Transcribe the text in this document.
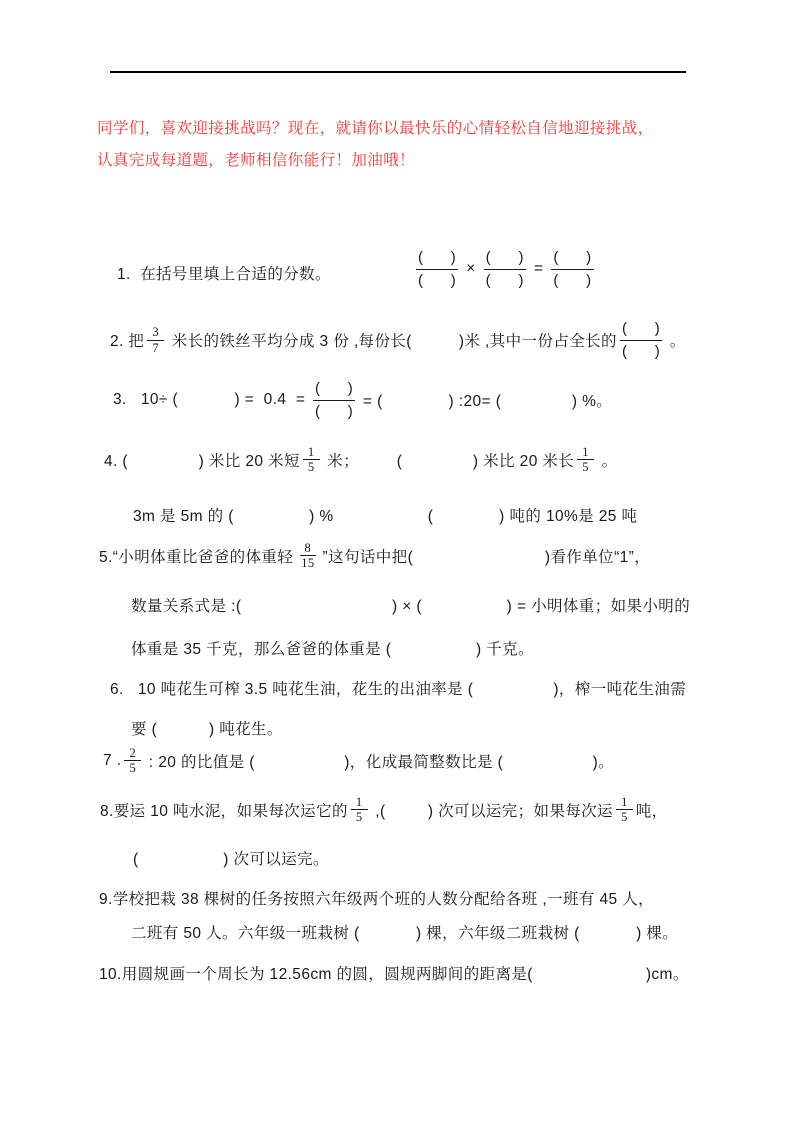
同学们，喜欢迎接挑战吗？现在，就请你以最快乐的心情轻松自信地迎接挑战，
认真完成每道题，老师相信你能行！加油哦！
1.  在括号里填上合适的分数。	$\frac{( )}{( )} \times \frac{( )}{( )} = \frac{( )}{( )}$
2. 把 $\frac{3}{7}$ 米长的铁丝平均分成 3 份 ,每份长(          )米 ,其中一份占全长的 $\frac{( )}{( )}$ 。
3.   10÷ (            ) =  $0.4 = \frac{( )}{( )}$ = (              ) :20= (               ) %。
4. (               ) 米比 20 米短 $\frac{1}{5}$ 米；        (               ) 米比 20 米长 $\frac{1}{5}$ 。
3m 是 5m 的 (                ) %                    (              ) 吨的 10%是 25 吨
5.“小明体重比爸爸的体重轻 $\frac{8}{15}$ ”这句话中把(                            )看作单位“1”，
数量关系式是 :(                                ) × (                  ) = 小明体重；如果小明的
体重是 35 千克，那么爸爸的体重是 (                  ) 千克。
6.   10 吨花生可榨 3.5 吨花生油，花生的出油率是 (                 )，榨一吨花生油需
要 (           ) 吨花生。
7 . $\frac{2}{5}$ : 20 的比值是 (                   )，化成最简整数比是 (                   )。
8.要运 10 吨水泥，如果每次运它的 $\frac{1}{5}$ ,(         ) 次可以运完；如果每次运 $\frac{1}{5}$ 吨，
(                  ) 次可以运完。
9.学校把栽 38 棵树的任务按照六年级两个班的人数分配给各班 ,一班有 45 人，
二班有 50 人。六年级一班栽树 (            ) 棵，六年级二班栽树 (            ) 棵。
10.用圆规画一个周长为 12.56cm 的圆，圆规两脚间的距离是(                        )cm。
